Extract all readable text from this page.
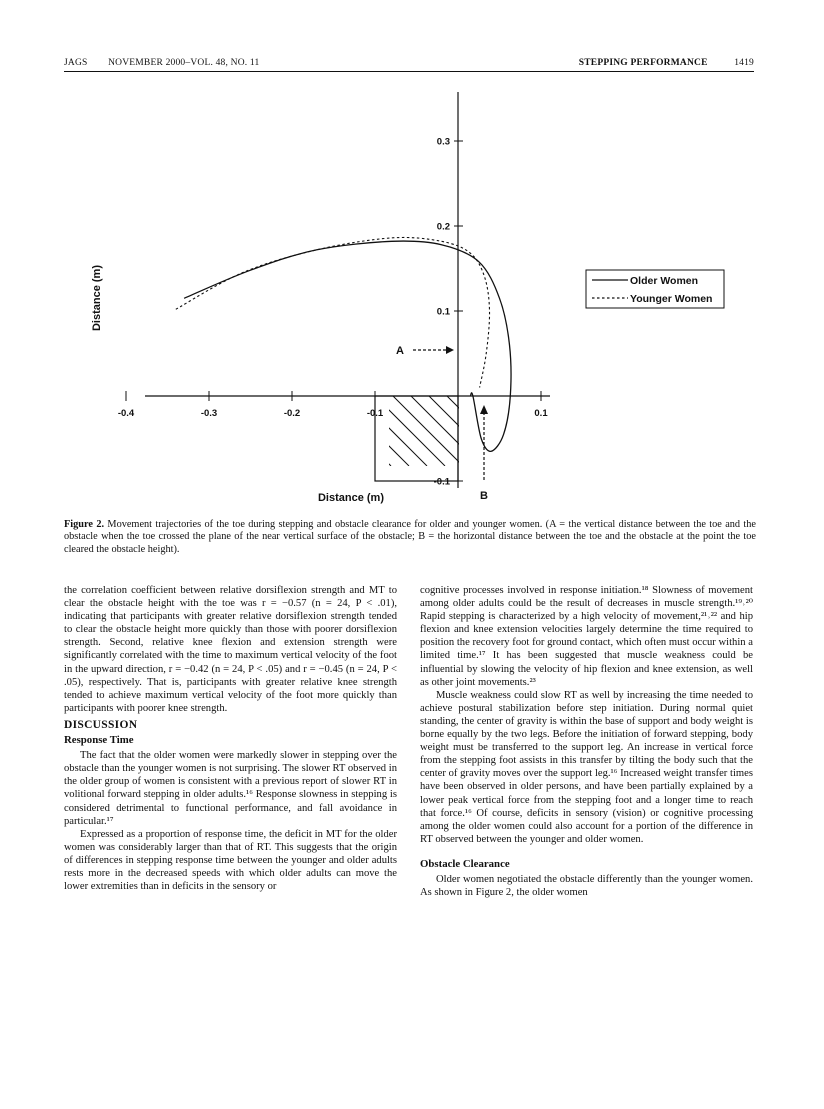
JAGS NOVEMBER 2000–VOL. 48, NO. 11	STEPPING PERFORMANCE	1419
-0.4	-0.3	-0.2	-0.1	0.1
0.3
0.2
0.1
-0.1
Distance (m)
Distance (m)
A
B
Older Women
Younger Women
Figure 2. Movement trajectories of the toe during stepping and obstacle clearance for older and younger women. (A = the vertical distance between the toe and the obstacle when the toe crossed the plane of the near vertical surface of the obstacle; B = the horizontal distance between the toe and the obstacle at the point the toe cleared the obstacle height).

the correlation coefficient between relative dorsiflexion strength and MT to clear the obstacle height with the toe was r = −0.57 (n = 24, P < .01), indicating that participants with greater relative dorsiflexion strength tended to clear the obstacle height more quickly than those with poorer dorsiflexion strength. Second, relative knee flexion and extension strength were significantly correlated with the time to maximum vertical velocity of the foot in the upward direction, r = −0.42 (n = 24, P < .05) and r = −0.45 (n = 24, P < .05), respectively. That is, participants with greater relative knee strength tended to achieve maximum vertical velocity of the foot more quickly than participants with poorer knee strength.

DISCUSSION
Response Time

The fact that the older women were markedly slower in stepping over the obstacle than the younger women is not surprising. The slower RT observed in the older group of women is consistent with a previous report of slower RT in volitional forward stepping in older adults.¹⁶ Response slowness in stepping is considered detrimental to functional performance, and fall avoidance in particular.¹⁷

Expressed as a proportion of response time, the deficit in MT for the older women was considerably larger than that of RT. This suggests that the origin of differences in stepping response time between the younger and older adults rests more in the decreased speeds with which older adults can move the lower extremities than in deficits in the sensory or

cognitive processes involved in response initiation.¹⁸ Slowness of movement among older adults could be the result of decreases in muscle strength.¹⁹˒²⁰ Rapid stepping is characterized by a high velocity of movement,²¹˒²² and hip flexion and knee extension velocities largely determine the time required to position the recovery foot for ground contact, which often must occur within a limited time.¹⁷ It has been suggested that muscle weakness could be influential by slowing the velocity of hip flexion and knee extension, as well as other joint movements.²³

Muscle weakness could slow RT as well by increasing the time needed to achieve postural stabilization before step initiation. During normal quiet standing, the center of gravity is within the base of support and body weight is borne equally by the two legs. Before the initiation of forward stepping, body weight must be transferred to the support leg. An increase in vertical force from the stepping foot assists in this transfer by tilting the body such that the center of gravity moves over the support leg.¹⁶ Increased weight transfer times have been observed in older persons, and have been partially explained by a lower peak vertical force from the stepping foot and a longer time to reach that force.¹⁶ Of course, deficits in sensory (vision) or cognitive processing among the older women could also account for a portion of the difference in RT observed between the younger and older women.

Obstacle Clearance

Older women negotiated the obstacle differently than the younger women. As shown in Figure 2, the older women
